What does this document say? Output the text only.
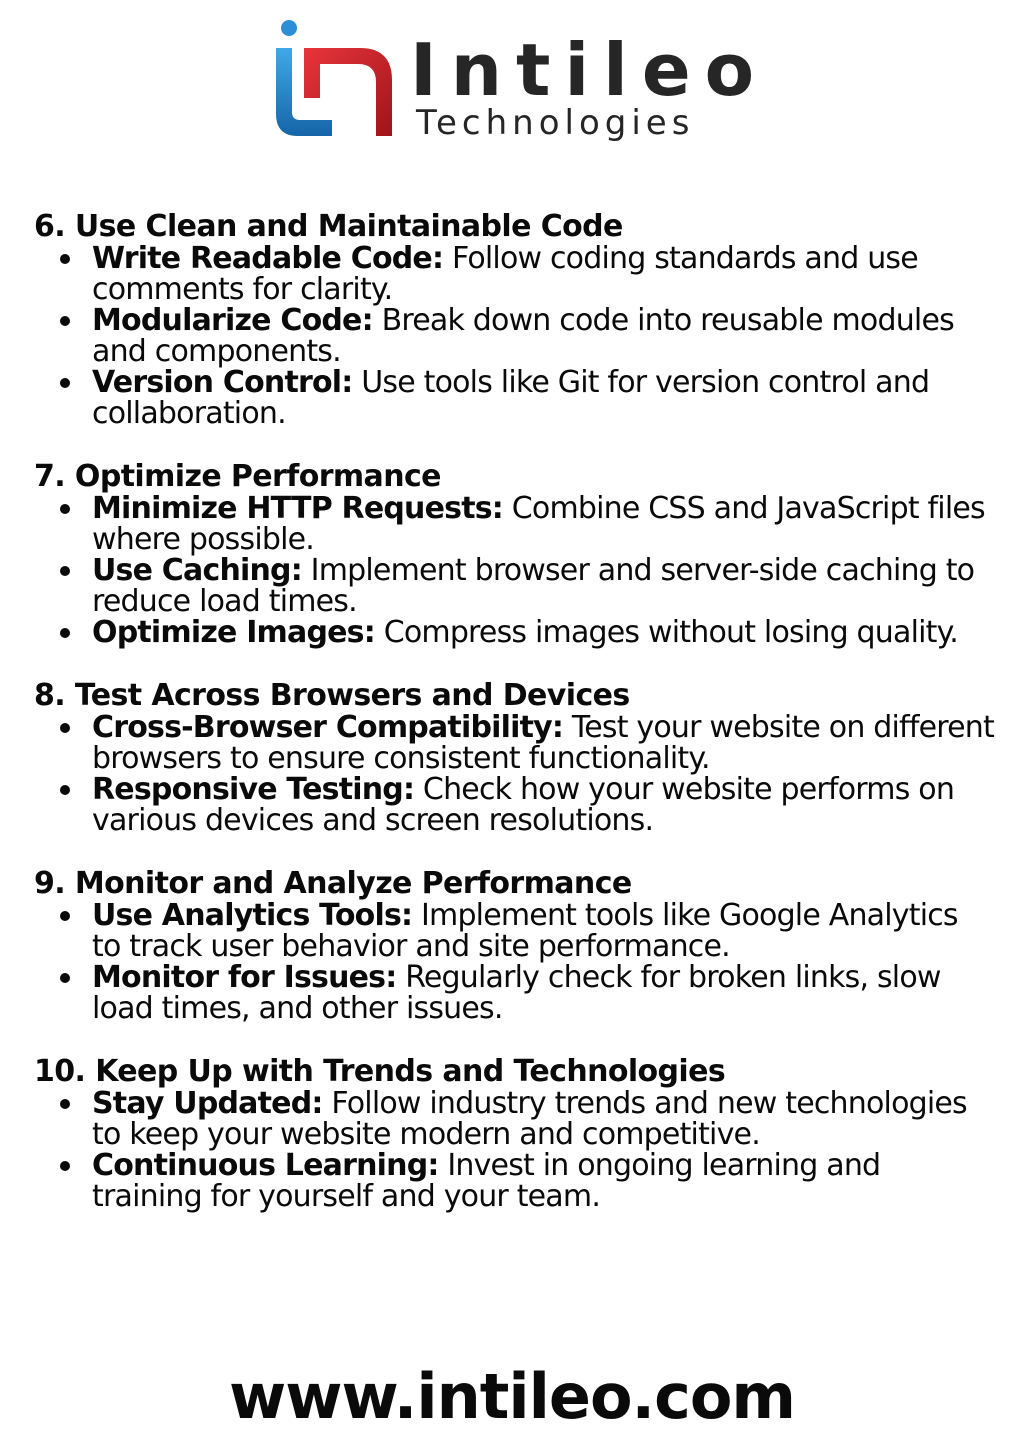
Intileo
Technologies
6. Use Clean and Maintainable Code
Write Readable Code: Follow coding standards and use comments for clarity.
Modularize Code: Break down code into reusable modules and components.
Version Control: Use tools like Git for version control and collaboration.
7. Optimize Performance
Minimize HTTP Requests: Combine CSS and JavaScript files where possible.
Use Caching: Implement browser and server-side caching to reduce load times.
Optimize Images: Compress images without losing quality.
8. Test Across Browsers and Devices
Cross-Browser Compatibility: Test your website on different browsers to ensure consistent functionality.
Responsive Testing: Check how your website performs on various devices and screen resolutions.
9. Monitor and Analyze Performance
Use Analytics Tools: Implement tools like Google Analytics to track user behavior and site performance.
Monitor for Issues: Regularly check for broken links, slow load times, and other issues.
10. Keep Up with Trends and Technologies
Stay Updated: Follow industry trends and new technologies to keep your website modern and competitive.
Continuous Learning: Invest in ongoing learning and training for yourself and your team.
www.intileo.com
